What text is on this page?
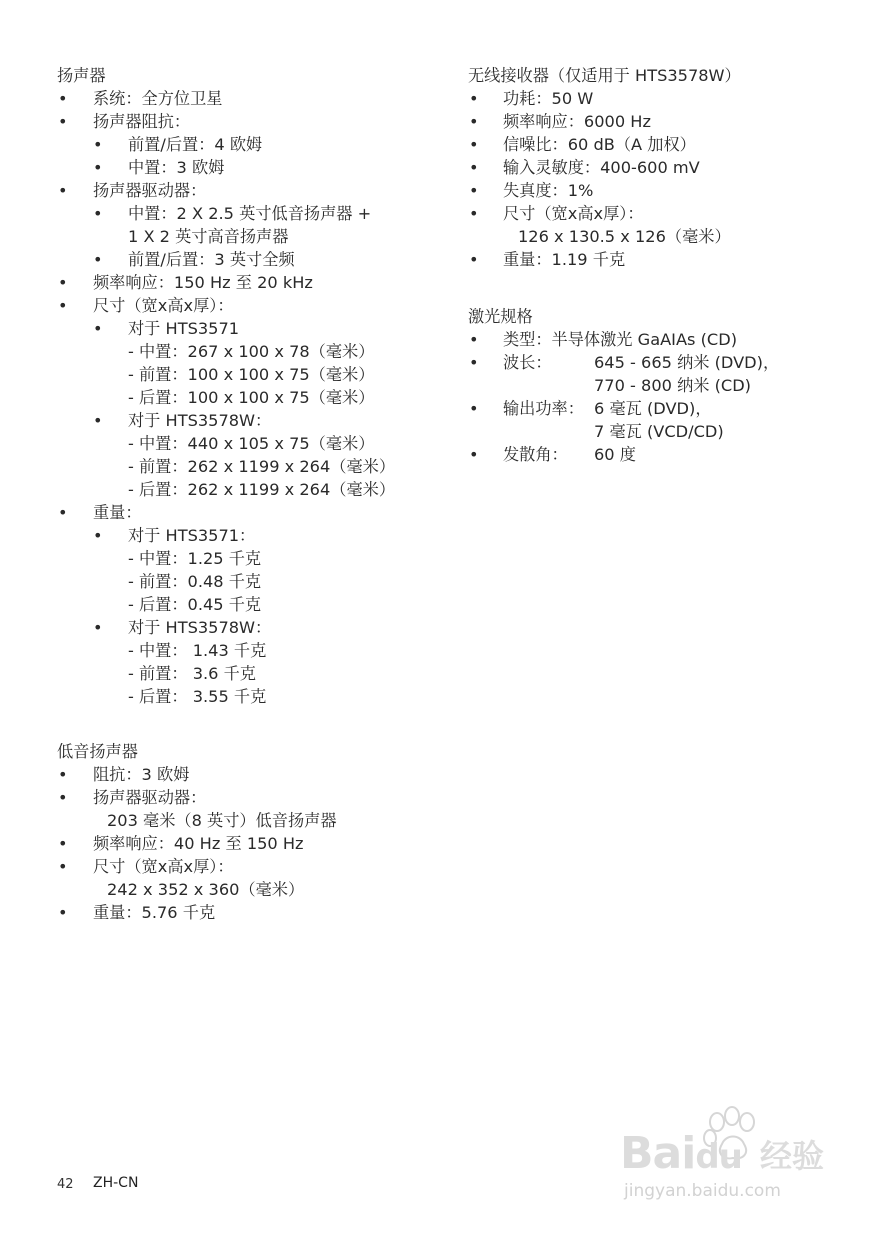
扬声器
• 系统：全方位卫星
• 扬声器阻抗：
• 前置/后置：4 欧姆
• 中置：3 欧姆
• 扬声器驱动器：
• 中置：2 X 2.5 英寸低音扬声器 +
1 X 2 英寸高音扬声器
• 前置/后置：3 英寸全频
• 频率响应：150 Hz 至 20 kHz
• 尺寸（宽x高x厚）：
• 对于 HTS3571
- 中置：267 x 100 x 78（毫米）
- 前置：100 x 100 x 75（毫米）
- 后置：100 x 100 x 75（毫米）
• 对于 HTS3578W：
- 中置：440 x 105 x 75（毫米）
- 前置：262 x 1199 x 264（毫米）
- 后置：262 x 1199 x 264（毫米）
• 重量：
• 对于 HTS3571：
- 中置：1.25 千克
- 前置：0.48 千克
- 后置：0.45 千克
• 对于 HTS3578W：
- 中置： 1.43 千克
- 前置： 3.6 千克
- 后置： 3.55 千克
低音扬声器
• 阻抗：3 欧姆
• 扬声器驱动器：
203 毫米（8 英寸）低音扬声器
• 频率响应：40 Hz 至 150 Hz
• 尺寸（宽x高x厚）：
242 x 352 x 360（毫米）
• 重量：5.76 千克
无线接收器（仅适用于 HTS3578W）
• 功耗：50 W
• 频率响应：6000 Hz
• 信噪比：60 dB（A 加权）
• 输入灵敏度：400-600 mV
• 失真度：1%
• 尺寸（宽x高x厚）：
126 x 130.5 x 126（毫米）
• 重量：1.19 千克
激光规格
• 类型：半导体激光 GaAIAs (CD)
• 波长：	645 - 665 纳米 (DVD)，
770 - 800 纳米 (CD)
• 输出功率： 6 毫瓦 (DVD)，
7 毫瓦 (VCD/CD)
• 发散角： 60 度
42 ZH-CN
Baidu 经验
jingyan.baidu.com
